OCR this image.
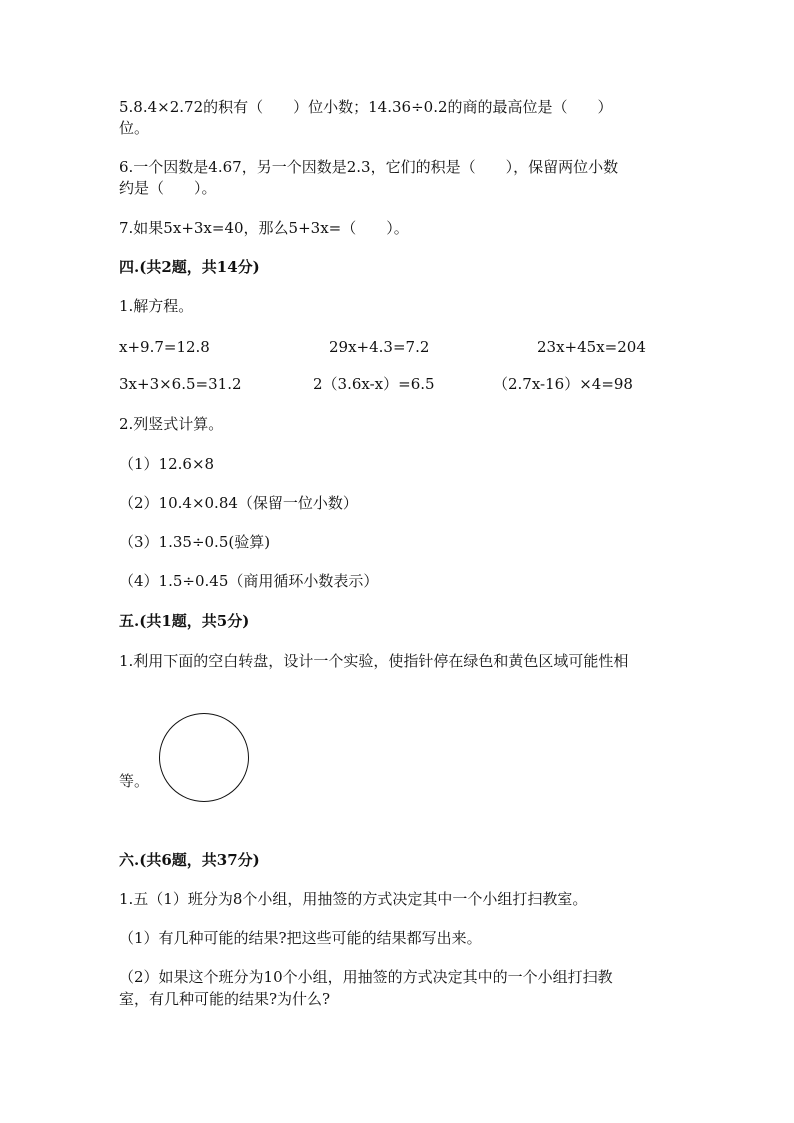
5.8.4×2.72的积有（　　）位小数；14.36÷0.2的商的最高位是（　　）
位。
6.一个因数是4.67，另一个因数是2.3，它们的积是（　　），保留两位小数
约是（　　）。
7.如果5x+3x=40，那么5+3x=（　　）。
四.(共2题，共14分)
1.解方程。
x+9.7=12.8	29x+4.3=7.2	23x+45x=204
3x+3×6.5=31.2	2（3.6x-x）=6.5	（2.7x-16）×4=98
2.列竖式计算。
（1）12.6×8
（2）10.4×0.84（保留一位小数）
（3）1.35÷0.5(验算)
（4）1.5÷0.45（商用循环小数表示）
五.(共1题，共5分)
1.利用下面的空白转盘，设计一个实验，使指针停在绿色和黄色区域可能性相
等。
六.(共6题，共37分)
1.五（1）班分为8个小组，用抽签的方式决定其中一个小组打扫教室。
（1）有几种可能的结果?把这些可能的结果都写出来。
（2）如果这个班分为10个小组，用抽签的方式决定其中的一个小组打扫教
室，有几种可能的结果?为什么?
